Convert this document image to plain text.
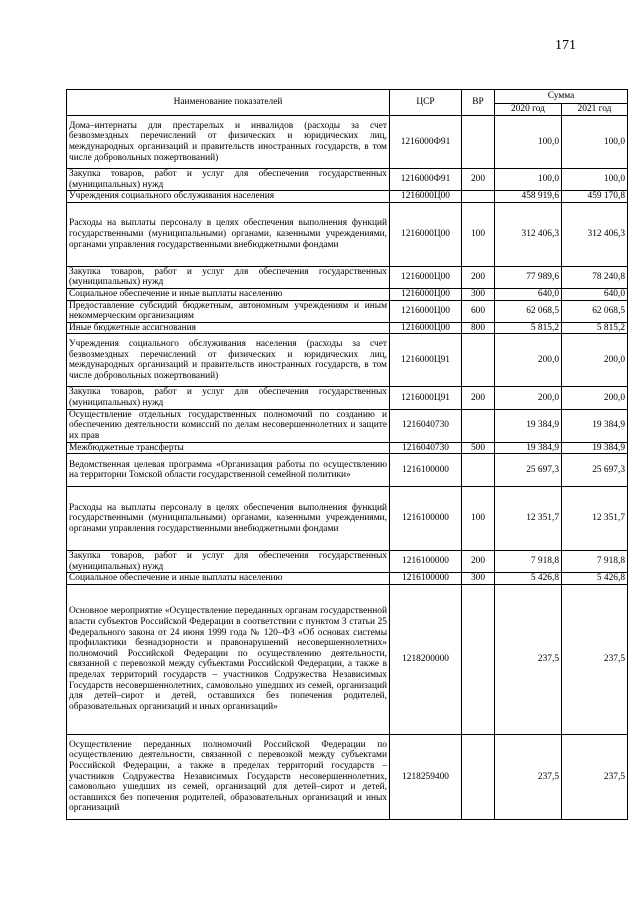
171
Наименование показателей	ЦСР	ВР	Сумма	
			2020 год	2021 год
Дома–интернаты для престарелых и инвалидов (расходы за счет безвозмездных перечислений от физических и юридических лиц, международных организаций и правительств иностранных государств, в том числе добровольных пожертвований)	1216000Ф91		100,0	100,0
Закупка товаров, работ и услуг для обеспечения государственных (муниципальных) нужд	1216000Ф91	200	100,0	100,0
Учреждения социального обслуживания населения	1216000Ц00		458 919,6	459 170,8
Расходы на выплаты персоналу в целях обеспечения выполнения функций государственными (муниципальными) органами, казенными учреждениями, органами управления государственными внебюджетными фондами	1216000Ц00	100	312 406,3	312 406,3
Закупка товаров, работ и услуг для обеспечения государственных (муниципальных) нужд	1216000Ц00	200	77 989,6	78 240,8
Социальное обеспечение и иные выплаты населению	1216000Ц00	300	640,0	640,0
Предоставление субсидий бюджетным, автономным учреждениям и иным некоммерческим организациям	1216000Ц00	600	62 068,5	62 068,5
Иные бюджетные ассигнования	1216000Ц00	800	5 815,2	5 815,2
Учреждения социального обслуживания населения (расходы за счет безвозмездных перечислений от физических и юридических лиц, международных организаций и правительств иностранных государств, в том числе добровольных пожертвований)	1216000Ц91		200,0	200,0
Закупка товаров, работ и услуг для обеспечения государственных (муниципальных) нужд	1216000Ц91	200	200,0	200,0
Осуществление отдельных государственных полномочий по созданию и обеспечению деятельности комиссий по делам несовершеннолетних и защите их прав	1216040730		19 384,9	19 384,9
Межбюджетные трансферты	1216040730	500	19 384,9	19 384,9
Ведомственная целевая программа «Организация работы по осуществлению на территории Томской области государственной семейной политики»	1216100000		25 697,3	25 697,3
Расходы на выплаты персоналу в целях обеспечения выполнения функций государственными (муниципальными) органами, казенными учреждениями, органами управления государственными внебюджетными фондами	1216100000	100	12 351,7	12 351,7
Закупка товаров, работ и услуг для обеспечения государственных (муниципальных) нужд	1216100000	200	7 918,8	7 918,8
Социальное обеспечение и иные выплаты населению	1216100000	300	5 426,8	5 426,8
Основное мероприятие «Осуществление переданных органам государственной власти субъектов Российской Федерации в соответствии с пунктом 3 статьи 25 Федерального закона от 24 июня 1999 года № 120–ФЗ «Об основах системы профилактики безнадзорности и правонарушений несовершеннолетних» полномочий Российской Федерации по осуществлению деятельности, связанной с перевозкой между субъектами Российской Федерации, а также в пределах территорий государств – участников Содружества Независимых Государств несовершеннолетних, самовольно ушедших из семей, организаций для детей–сирот и детей, оставшихся без попечения родителей, образовательных организаций и иных организаций»	1218200000		237,5	237,5
Осуществление переданных полномочий Российской Федерации по осуществлению деятельности, связанной с перевозкой между субъектами Российской Федерации, а также в пределах территорий государств – участников Содружества Независимых Государств несовершеннолетних, самовольно ушедших из семей, организаций для детей–сирот и детей, оставшихся без попечения родителей, образовательных организаций и иных организаций	1218259400		237,5	237,5
